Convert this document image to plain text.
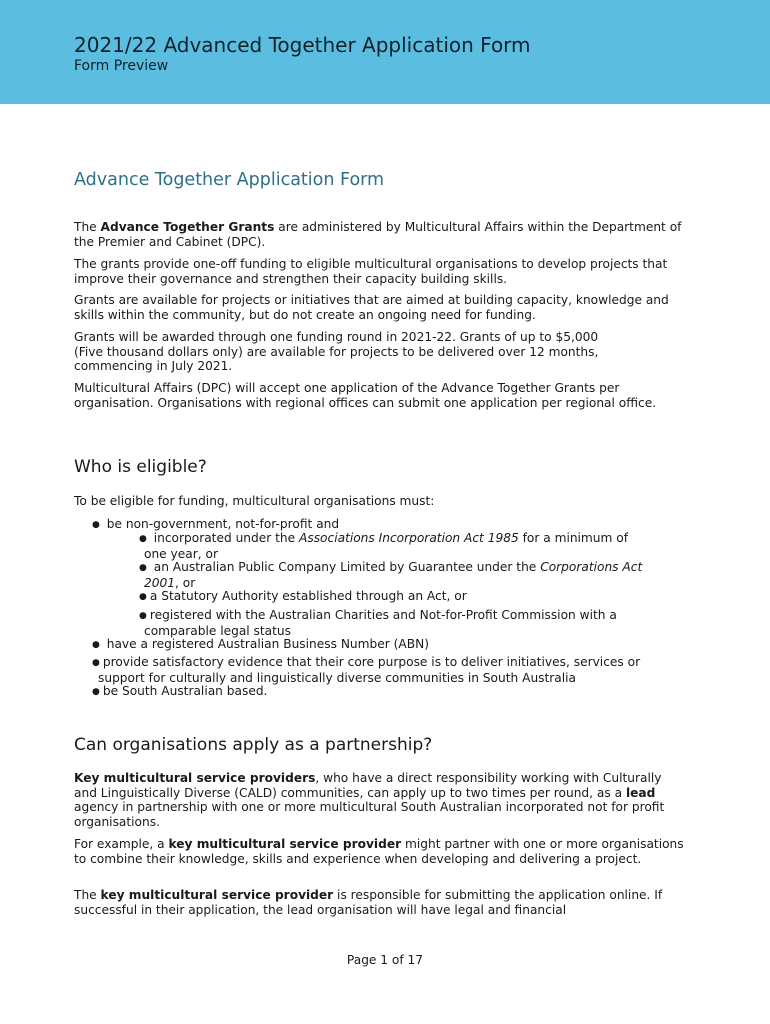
2021/22 Advanced Together Application Form
Form Preview
Advance Together Application Form

The Advance Together Grants are administered by Multicultural Affairs within the Department of the Premier and Cabinet (DPC).

The grants provide one-off funding to eligible multicultural organisations to develop projects that improve their governance and strengthen their capacity building skills.

Grants are available for projects or initiatives that are aimed at building capacity, knowledge and skills within the community, but do not create an ongoing need for funding.

Grants will be awarded through one funding round in 2021-22. Grants of up to $5,000
(Five thousand dollars only) are available for projects to be delivered over 12 months,
commencing in July 2021.

Multicultural Affairs (DPC) will accept one application of the Advance Together Grants per organisation. Organisations with regional offices can submit one application per regional office.

Who is eligible?

To be eligible for funding, multicultural organisations must:

● be non-government, not-for-profit and

● incorporated under the Associations Incorporation Act 1985 for a minimum of
one year, or

● an Australian Public Company Limited by Guarantee under the Corporations Act
2001, or

● a Statutory Authority established through an Act, or

● registered with the Australian Charities and Not-for-Profit Commission with a
comparable legal status

● have a registered Australian Business Number (ABN)

● provide satisfactory evidence that their core purpose is to deliver initiatives, services or
support for culturally and linguistically diverse communities in South Australia

● be South Australian based.

Can organisations apply as a partnership?

Key multicultural service providers, who have a direct responsibility working with Culturally and Linguistically Diverse (CALD) communities, can apply up to two times per round, as a lead agency in partnership with one or more multicultural South Australian incorporated not for profit organisations.

For example, a key multicultural service provider might partner with one or more organisations to combine their knowledge, skills and experience when developing and delivering a project.

The key multicultural service provider is responsible for submitting the application online. If successful in their application, the lead organisation will have legal and financial

Page 1 of 17
